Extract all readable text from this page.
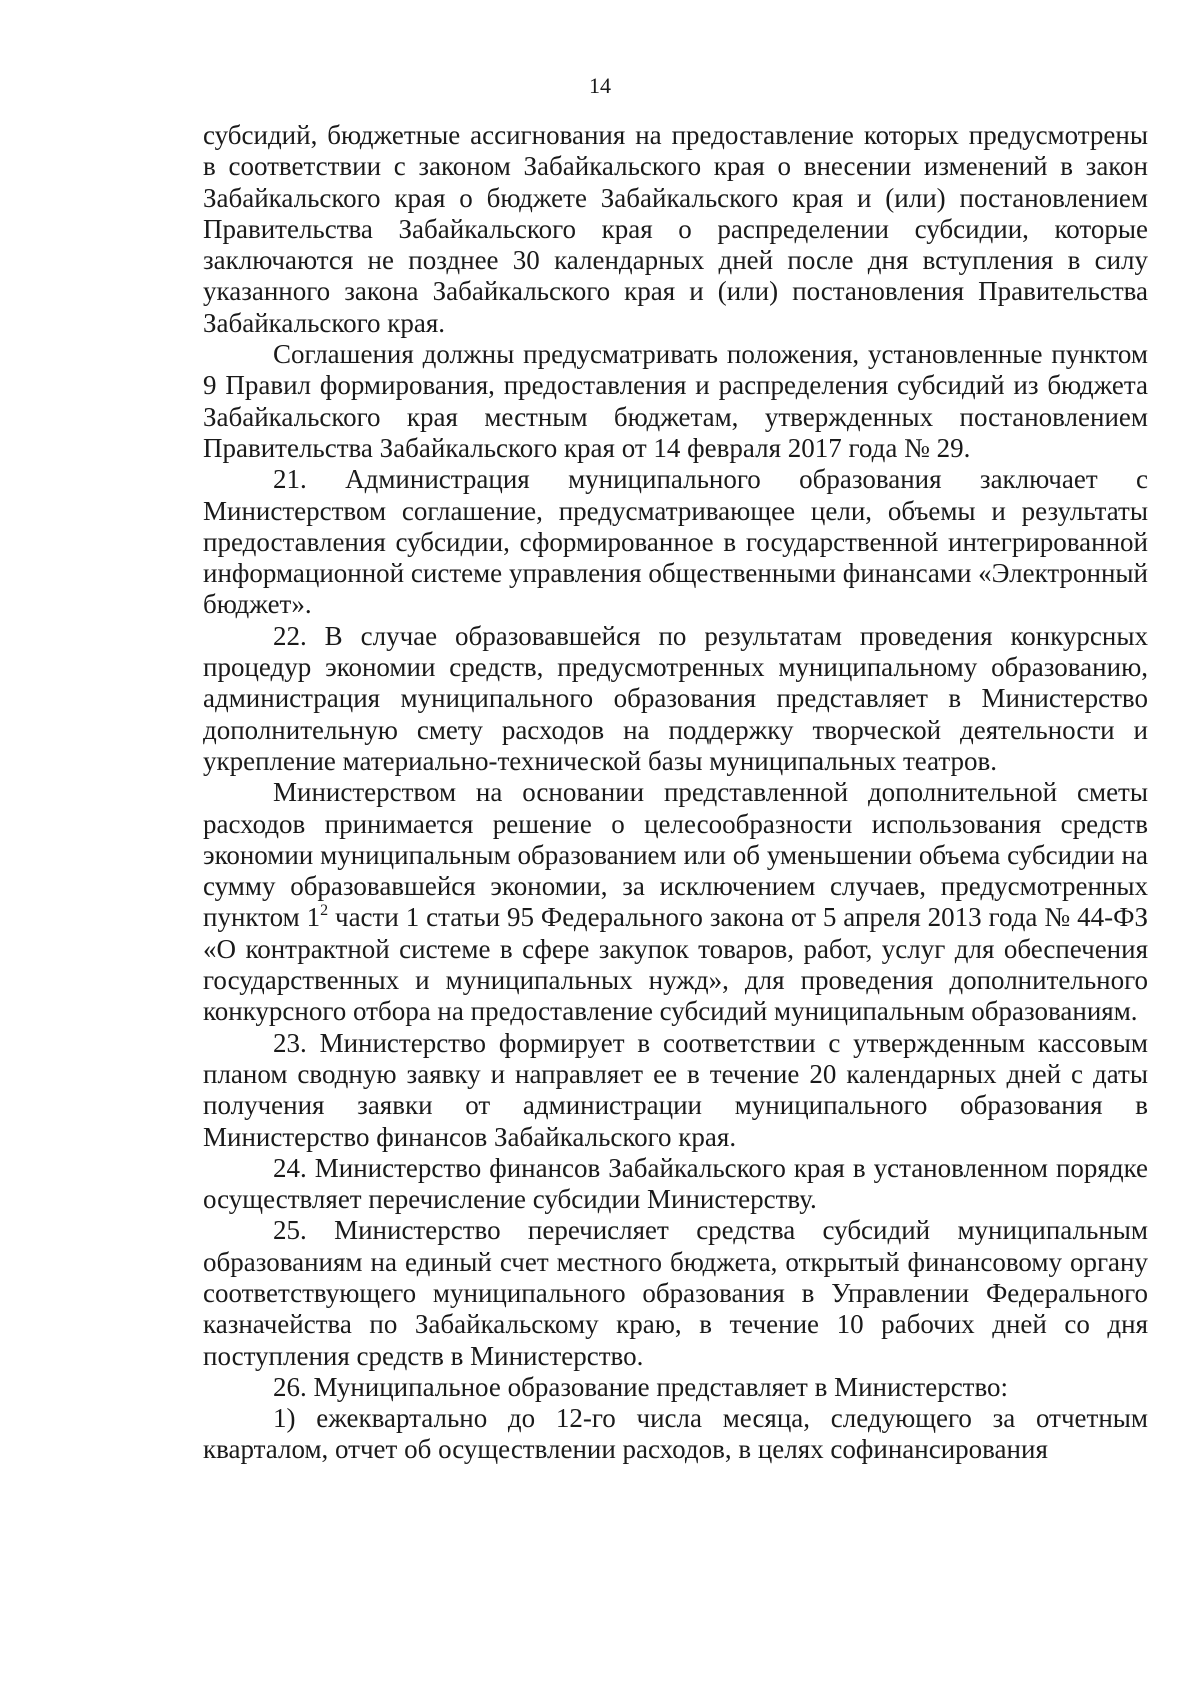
14

субсидий, бюджетные ассигнования на предоставление которых предусмотрены в соответствии с законом Забайкальского края о внесении изменений в закон Забайкальского края о бюджете Забайкальского края и (или) постановлением Правительства Забайкальского края о распределении субсидии, которые заключаются не позднее 30 календарных дней после дня вступления в силу указанного закона Забайкальского края и (или) постановления Правительства Забайкальского края.

Соглашения должны предусматривать положения, установленные пунктом 9 Правил формирования, предоставления и распределения субсидий из бюджета Забайкальского края местным бюджетам, утвержденных постановлением Правительства Забайкальского края от 14 февраля 2017 года № 29.

21. Администрация муниципального образования заключает с Министерством соглашение, предусматривающее цели, объемы и результаты предоставления субсидии, сформированное в государственной интегрированной информационной системе управления общественными финансами «Электронный бюджет».

22. В случае образовавшейся по результатам проведения конкурсных процедур экономии средств, предусмотренных муниципальному образованию, администрация муниципального образования представляет в Министерство дополнительную смету расходов на поддержку творческой деятельности и укрепление материально-технической базы муниципальных театров.

Министерством на основании представленной дополнительной сметы расходов принимается решение о целесообразности использования средств экономии муниципальным образованием или об уменьшении объема субсидии на сумму образовавшейся экономии, за исключением случаев, предусмотренных пунктом $1^2$ части 1 статьи 95 Федерального закона от 5 апреля 2013 года № 44-ФЗ «О контрактной системе в сфере закупок товаров, работ, услуг для обеспечения государственных и муниципальных нужд», для проведения дополнительного конкурсного отбора на предоставление субсидий муниципальным образованиям.

23. Министерство формирует в соответствии с утвержденным кассовым планом сводную заявку и направляет ее в течение 20 календарных дней с даты получения заявки от администрации муниципального образования в Министерство финансов Забайкальского края.

24. Министерство финансов Забайкальского края в установленном порядке осуществляет перечисление субсидии Министерству.

25. Министерство перечисляет средства субсидий муниципальным образованиям на единый счет местного бюджета, открытый финансовому органу соответствующего муниципального образования в Управлении Федерального казначейства по Забайкальскому краю, в течение 10 рабочих дней со дня поступления средств в Министерство.

26. Муниципальное образование представляет в Министерство:

1) ежеквартально до 12-го числа месяца, следующего за отчетным кварталом, отчет об осуществлении расходов, в целях софинансирования
